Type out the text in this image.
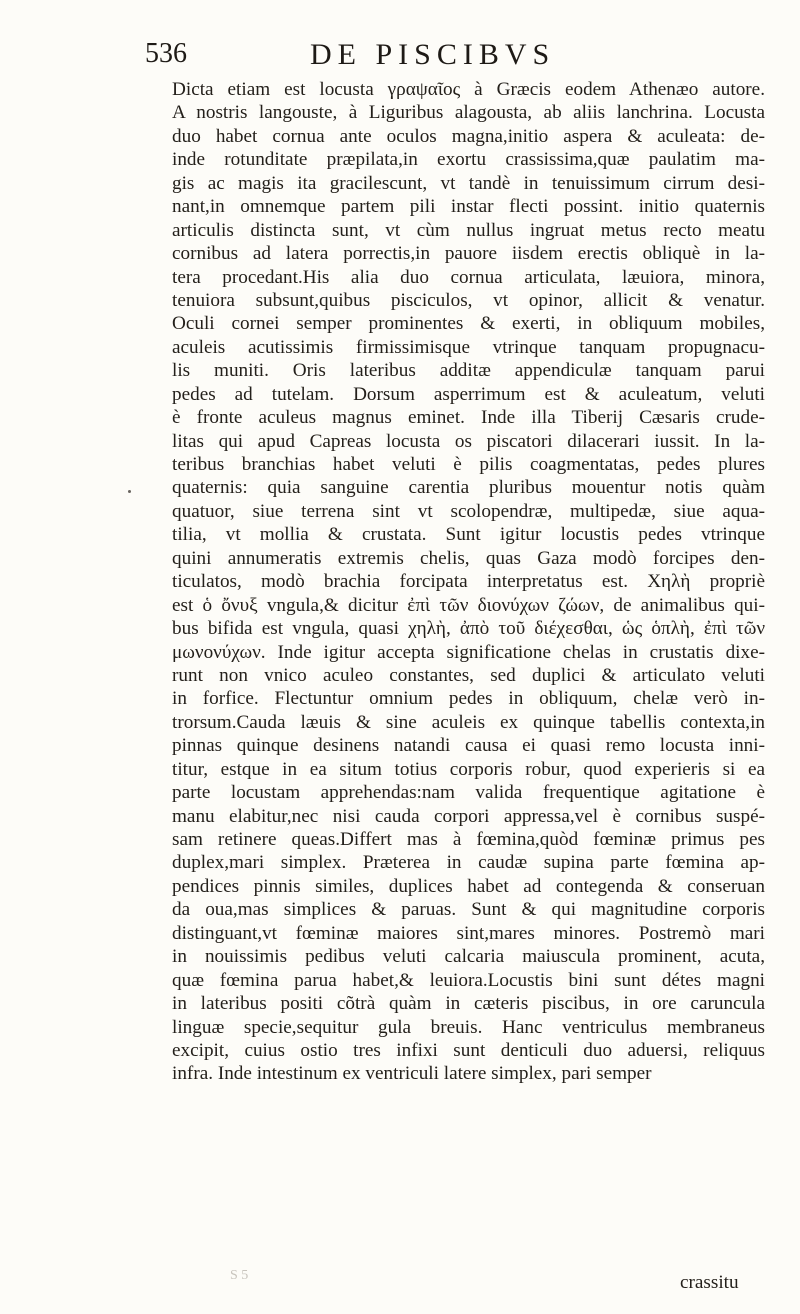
536	DE PISCIBVS
Dicta etiam est locusta γραψαῖος à Græcis eodem Athenæo autore.
A nostris langouste, à Liguribus alagousta, ab aliis lanchrina. Locusta
duo habet cornua ante oculos magna,initio aspera & aculeata: de-
inde rotunditate præpilata,in exortu crassissima,quæ paulatim ma-
gis ac magis ita gracilescunt, vt tandè in tenuissimum cirrum desi-
nant,in omnemque partem pili instar flecti possint. initio quaternis
articulis distincta sunt, vt cùm nullus ingruat metus recto meatu
cornibus ad latera porrectis,in pauore iisdem erectis obliquè in la-
tera procedant.His alia duo cornua articulata, læuiora, minora,
tenuiora subsunt,quibus pisciculos, vt opinor, allicit & venatur.
Oculi cornei semper prominentes & exerti, in obliquum mobiles,
aculeis acutissimis firmissimisque vtrinque tanquam propugnacu-
lis muniti. Oris lateribus additæ appendiculæ tanquam parui
pedes ad tutelam. Dorsum asperrimum est & aculeatum, veluti
è fronte aculeus magnus eminet. Inde illa Tiberij Cæsaris crude-
litas qui apud Capreas locusta os piscatori dilacerari iussit. In la-
teribus branchias habet veluti è pilis coagmentatas, pedes plures
quaternis: quia sanguine carentia pluribus mouentur notis quàm
quatuor, siue terrena sint vt scolopendræ, multipedæ, siue aqua-
tilia, vt mollia & crustata. Sunt igitur locustis pedes vtrinque
quini annumeratis extremis chelis, quas Gaza modò forcipes den-
ticulatos, modò brachia forcipata interpretatus est. Χηλὴ propriè
est ὁ ὄνυξ vngula,& dicitur ἐπὶ τῶν διονύχων ζώων, de animalibus qui-
bus bifida est vngula, quasi χηλὴ, ἀπὸ τοῦ διέχεσθαι, ὡς ὁπλὴ, ἐπὶ τῶν
μωνονύχων. Inde igitur accepta significatione chelas in crustatis dixe-
runt non vnico aculeo constantes, sed duplici & articulato veluti
in forfice. Flectuntur omnium pedes in obliquum, chelæ verò in-
trorsum.Cauda læuis & sine aculeis ex quinque tabellis contexta,in
pinnas quinque desinens natandi causa ei quasi remo locusta inni-
titur, estque in ea situm totius corporis robur, quod experieris si ea
parte locustam apprehendas:nam valida frequentique agitatione è
manu elabitur,nec nisi cauda corpori appressa,vel è cornibus suspé-
sam retinere queas.Differt mas à fœmina,quòd fœminæ primus pes
duplex,mari simplex. Præterea in caudæ supina parte fœmina ap-
pendices pinnis similes, duplices habet ad contegenda & conseruan
da oua,mas simplices & paruas. Sunt & qui magnitudine corporis
distinguant,vt fœminæ maiores sint,mares minores. Postremò mari
in nouissimis pedibus veluti calcaria maiuscula prominent, acuta,
quæ fœmina parua habet,& leuiora.Locustis bini sunt détes magni
in lateribus positi cõtrà quàm in cæteris piscibus, in ore caruncula
linguæ specie,sequitur gula breuis. Hanc ventriculus membraneus
excipit, cuius ostio tres infixi sunt denticuli duo aduersi, reliquus
infra. Inde intestinum ex ventriculi latere simplex, pari semper
S 5	crassitu
